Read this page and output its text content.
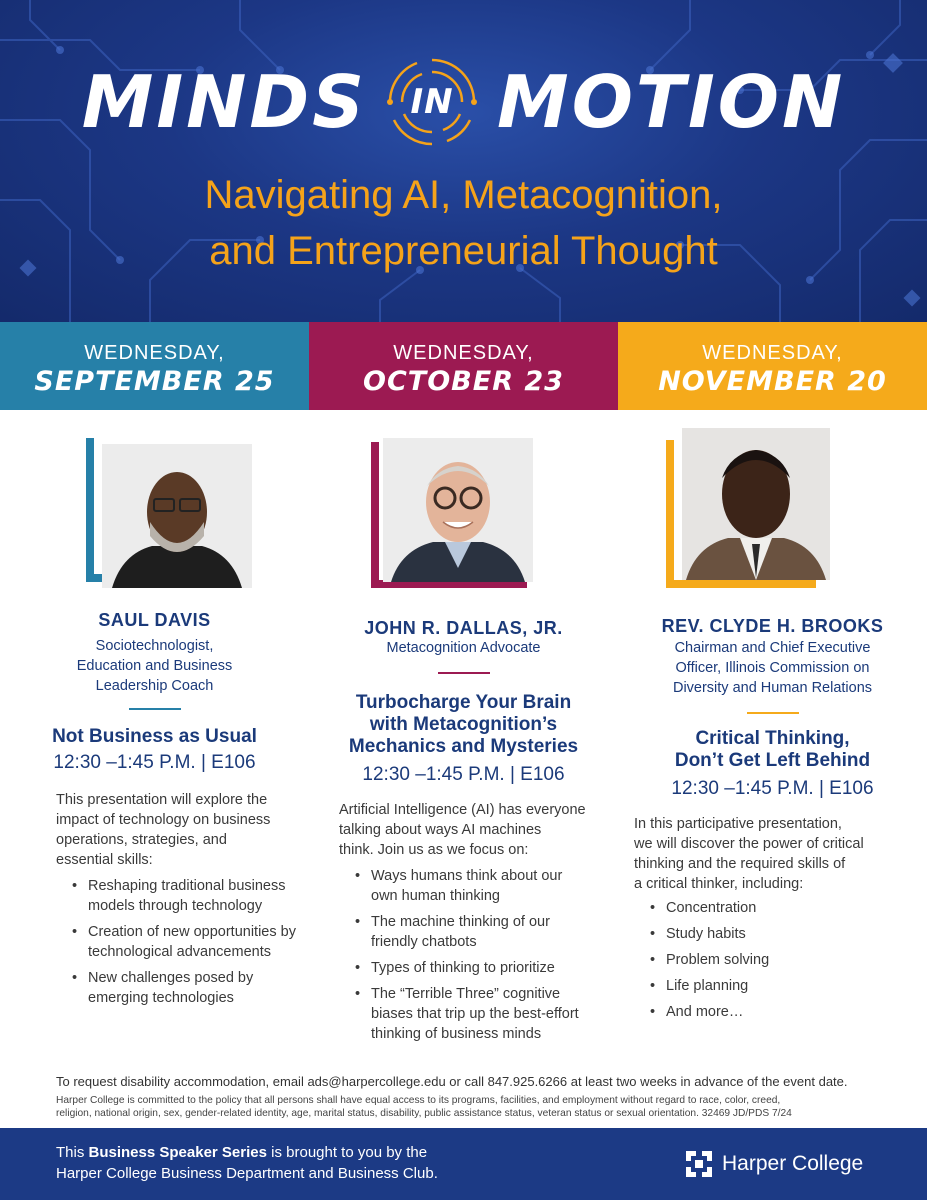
MINDS IN MOTION
Navigating AI, Metacognition,
and Entrepreneurial Thought
WEDNESDAY,
SEPTEMBER 25
WEDNESDAY,
OCTOBER 23
WEDNESDAY,
NOVEMBER 20
SAUL DAVIS
Sociotechnologist,
Education and Business
Leadership Coach
Not Business as Usual
12:30 –1:45 P.M. | E106
This presentation will explore the
impact of technology on business
operations, strategies, and
essential skills:
• Reshaping traditional business
models through technology
• Creation of new opportunities by
technological advancements
• New challenges posed by
emerging technologies
JOHN R. DALLAS, JR.
Metacognition Advocate
Turbocharge Your Brain
with Metacognition’s
Mechanics and Mysteries
12:30 –1:45 P.M. | E106
Artificial Intelligence (AI) has everyone
talking about ways AI machines
think. Join us as we focus on:
• Ways humans think about our
own human thinking
• The machine thinking of our
friendly chatbots
• Types of thinking to prioritize
• The “Terrible Three” cognitive
biases that trip up the best-effort
thinking of business minds
REV. CLYDE H. BROOKS
Chairman and Chief Executive
Officer, Illinois Commission on
Diversity and Human Relations
Critical Thinking,
Don’t Get Left Behind
12:30 –1:45 P.M. | E106
In this participative presentation,
we will discover the power of critical
thinking and the required skills of
a critical thinker, including:
• Concentration
• Study habits
• Problem solving
• Life planning
• And more…
To request disability accommodation, email ads@harpercollege.edu or call 847.925.6266 at least two weeks in advance of the event date.
Harper College is committed to the policy that all persons shall have equal access to its programs, facilities, and employment without regard to race, color, creed,
religion, national origin, sex, gender-related identity, age, marital status, disability, public assistance status, veteran status or sexual orientation. 32469 JD/PDS 7/24
This Business Speaker Series is brought to you by the
Harper College Business Department and Business Club.	Harper College
